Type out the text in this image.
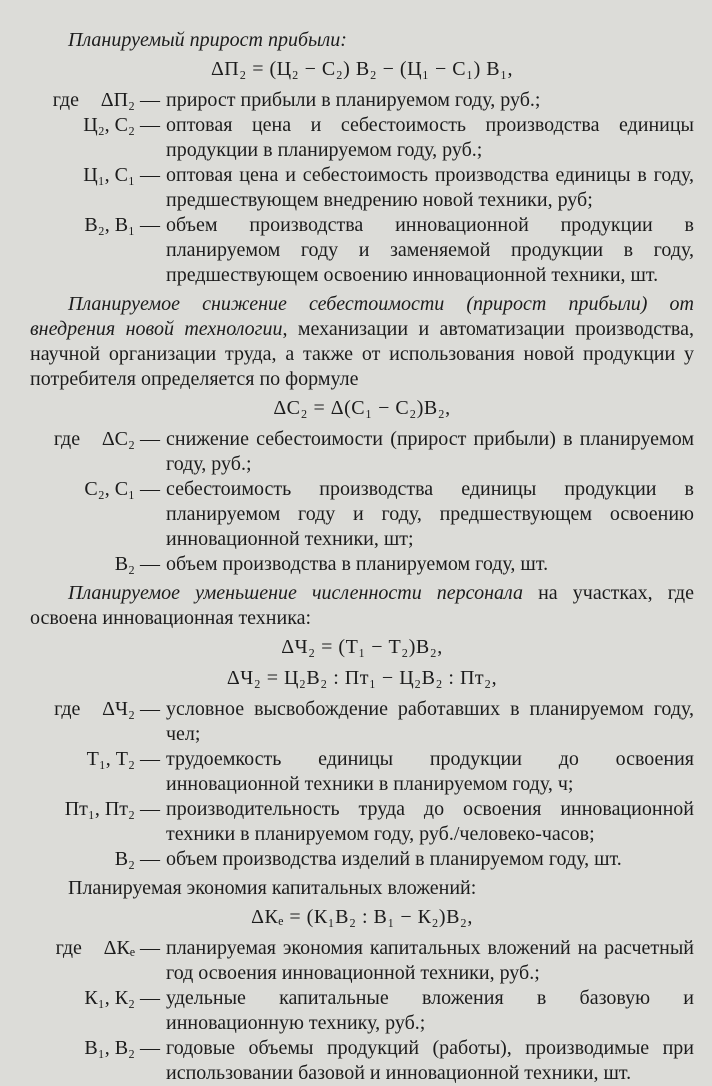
Планируемый прирост прибыли:

ΔП₂ = (Ц₂ − С₂) В₂ − (Ц₁ − С₁) В₁,

где ΔП₂ — прирост прибыли в планируемом году, руб.;
Ц₂, С₂ — оптовая цена и себестоимость производства единицы продукции в планируемом году, руб.;
Ц₁, С₁ — оптовая цена и себестоимость производства единицы в году, предшествующем внедрению новой техники, руб;
В₂, В₁ — объем производства инновационной продукции в планируемом году и заменяемой продукции в году, предшествующем освоению инновационной техники, шт.

Планируемое снижение себестоимости (прирост прибыли) от внедрения новой технологии, механизации и автоматизации производства, научной организации труда, а также от использования новой продукции у потребителя определяется по формуле

ΔС₂ = Δ(С₁ − С₂)В₂,

где ΔС₂ — снижение себестоимости (прирост прибыли) в планируемом году, руб.;
С₂, С₁ — себестоимость производства единицы продукции в планируемом году и году, предшествующем освоению инновационной техники, шт;
В₂ — объем производства в планируемом году, шт.

Планируемое уменьшение численности персонала на участках, где освоена инновационная техника:

ΔЧ₂ = (Т₁ − Т₂)В₂,

ΔЧ₂ = Ц₂В₂ : Пт₁ − Ц₂В₂ : Пт₂,

где ΔЧ₂ — условное высвобождение работавших в планируемом году, чел;
Т₁, Т₂ — трудоемкость единицы продукции до освоения инновационной техники в планируемом году, ч;
Пт₁, Пт₂ — производительность труда до освоения инновационной техники в планируемом году, руб./человеко-часов;
В₂ — объем производства изделий в планируемом году, шт.

Планируемая экономия капитальных вложений:

ΔКₑ = (К₁В₂ : В₁ − К₂)В₂,

где ΔКₑ — планируемая экономия капитальных вложений на расчетный год освоения инновационной техники, руб.;
К₁, К₂ — удельные капитальные вложения в базовую и инновационную технику, руб.;
В₁, В₂ — годовые объемы продукций (работы), производимые при использовании базовой и инновационной техники, шт.
